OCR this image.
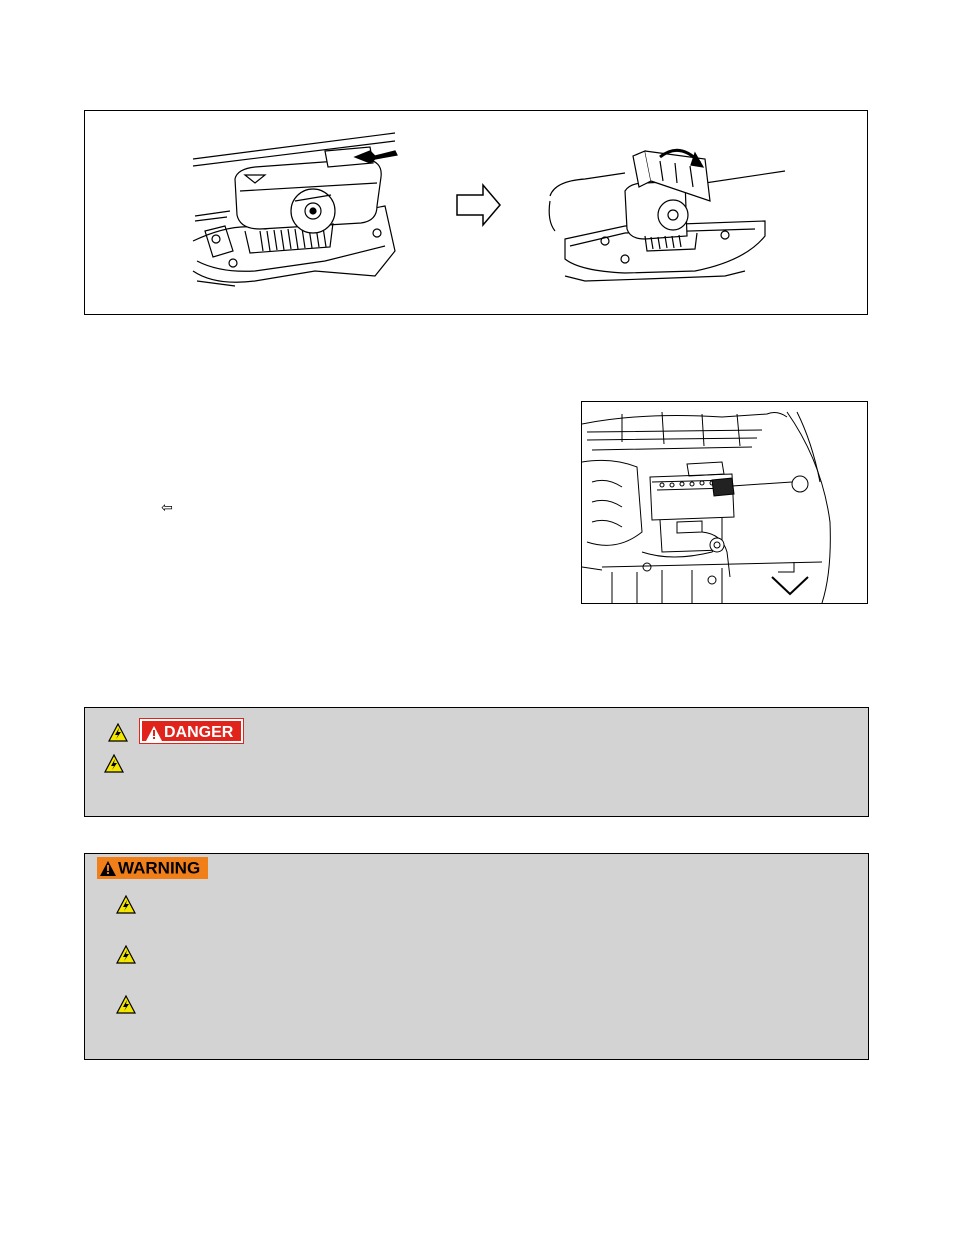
⇦
DANGER
WARNING
